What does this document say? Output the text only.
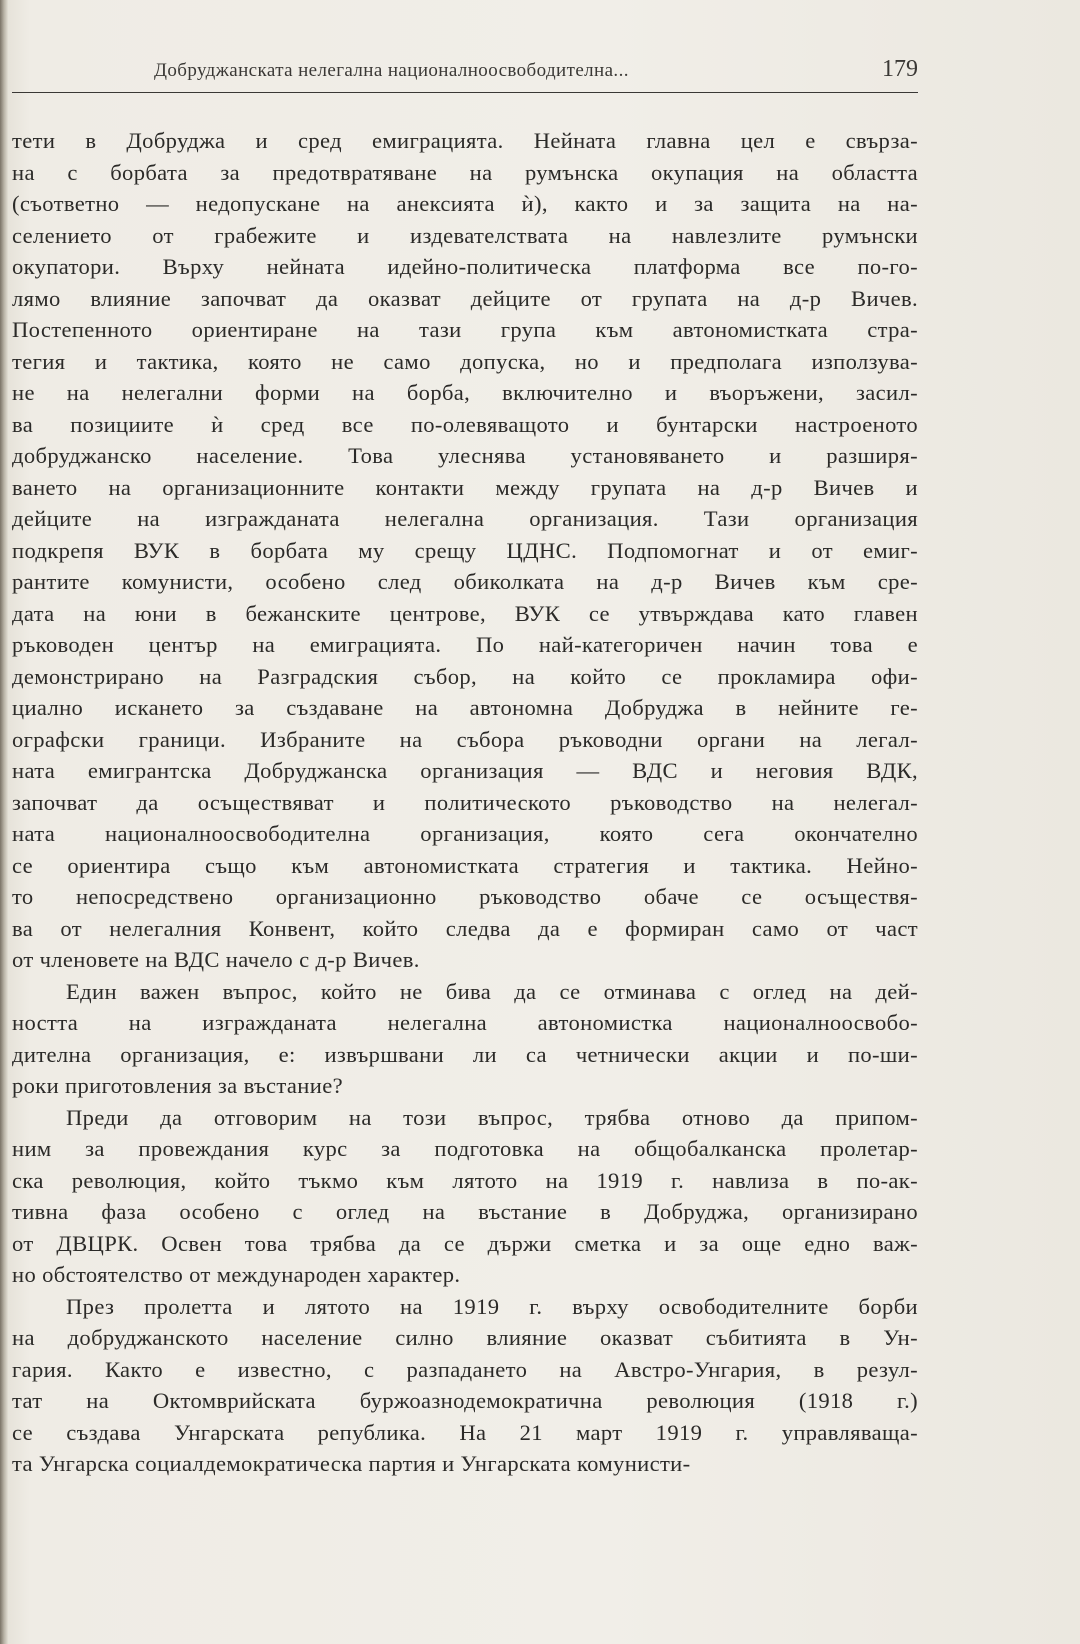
Добруджанската нелегална националноосвободителна...	179
тети в Добруджа и сред емиграцията. Нейната главна цел е свърза-
на с борбата за предотвратяване на румънска окупация на областта
(съответно — недопускане на анексията ѝ), както и за защита на на-
селението от грабежите и издевателствата на навлезлите румънски
окупатори. Върху нейната идейно-политическа платформа все по-го-
лямо влияние започват да оказват дейците от групата на д-р Вичев.
Постепенното ориентиране на тази група към автономистката стра-
тегия и тактика, която не само допуска, но и предполага използува-
не на нелегални форми на борба, включително и въоръжени, засил-
ва позициите ѝ сред все по-олевяващото и бунтарски настроеното
добруджанско население. Това улеснява установяването и разширя-
ването на организационните контакти между групата на д-р Вичев и
дейците на изгражданата нелегална организация. Тази организация
подкрепя ВУК в борбата му срещу ЦДНС. Подпомогнат и от емиг-
рантите комунисти, особено след обиколката на д-р Вичев към сре-
дата на юни в бежанските центрове, ВУК се утвърждава като главен
ръководен център на емиграцията. По най-категоричен начин това е
демонстрирано на Разградския събор, на който се прокламира офи-
циално искането за създаване на автономна Добруджа в нейните ге-
ографски граници. Избраните на събора ръководни органи на легал-
ната емигрантска Добруджанска организация — ВДС и неговия ВДК,
започват да осъществяват и политическото ръководство на нелегал-
ната националноосвободителна организация, която сега окончателно
се ориентира също към автономистката стратегия и тактика. Нейно-
то непосредствено организационно ръководство обаче се осъществя-
ва от нелегалния Конвент, който следва да е формиран само от част
от членовете на ВДС начело с д-р Вичев.
Един важен въпрос, който не бива да се отминава с оглед на дей-
ността на изгражданата нелегална автономистка националноосвобо-
дителна организация, е: извършвани ли са четнически акции и по-ши-
роки приготовления за въстание?
Преди да отговорим на този въпрос, трябва отново да припом-
ним за провеждания курс за подготовка на общобалканска пролетар-
ска революция, който тъкмо към лятото на 1919 г. навлиза в по-ак-
тивна фаза особено с оглед на въстание в Добруджа, организирано
от ДВЦРК. Освен това трябва да се държи сметка и за още едно важ-
но обстоятелство от международен характер.
През пролетта и лятото на 1919 г. върху освободителните борби
на добруджанското население силно влияние оказват събитията в Ун-
гария. Както е известно, с разпадането на Австро-Унгария, в резул-
тат на Октомврийската буржоазнодемократична революция (1918 г.)
се създава Унгарската република. На 21 март 1919 г. управляваща-
та Унгарска социалдемократическа партия и Унгарската комунисти-
